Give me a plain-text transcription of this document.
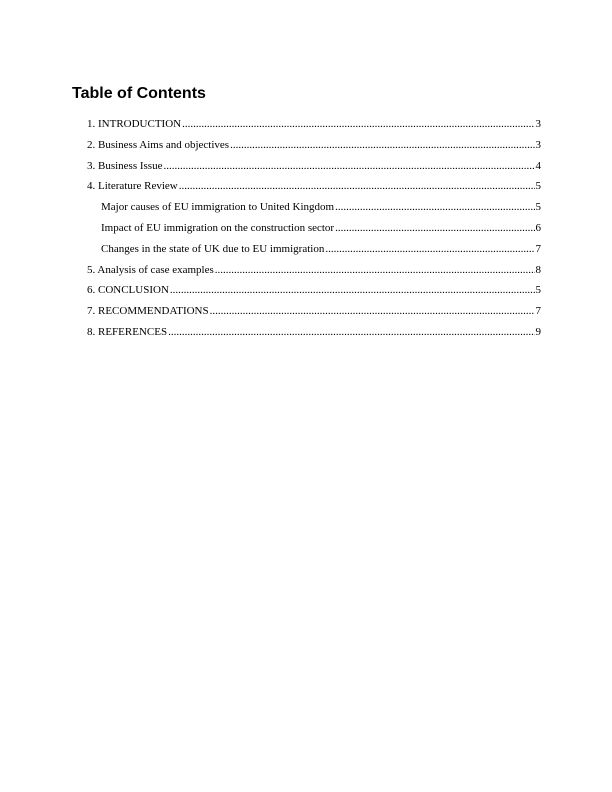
Table of Contents
1. INTRODUCTION .....	3
2. Business Aims and objectives .....	3
3. Business Issue .....	4
4. Literature Review .....	5
Major causes of EU immigration to United Kingdom .....	5
Impact of EU immigration on the construction sector .....	6
Changes in the state of UK due to EU immigration .....	7
5. Analysis of case examples .....	8
6. CONCLUSION .....	5
7. RECOMMENDATIONS .....	7
8. REFERENCES .....	9
